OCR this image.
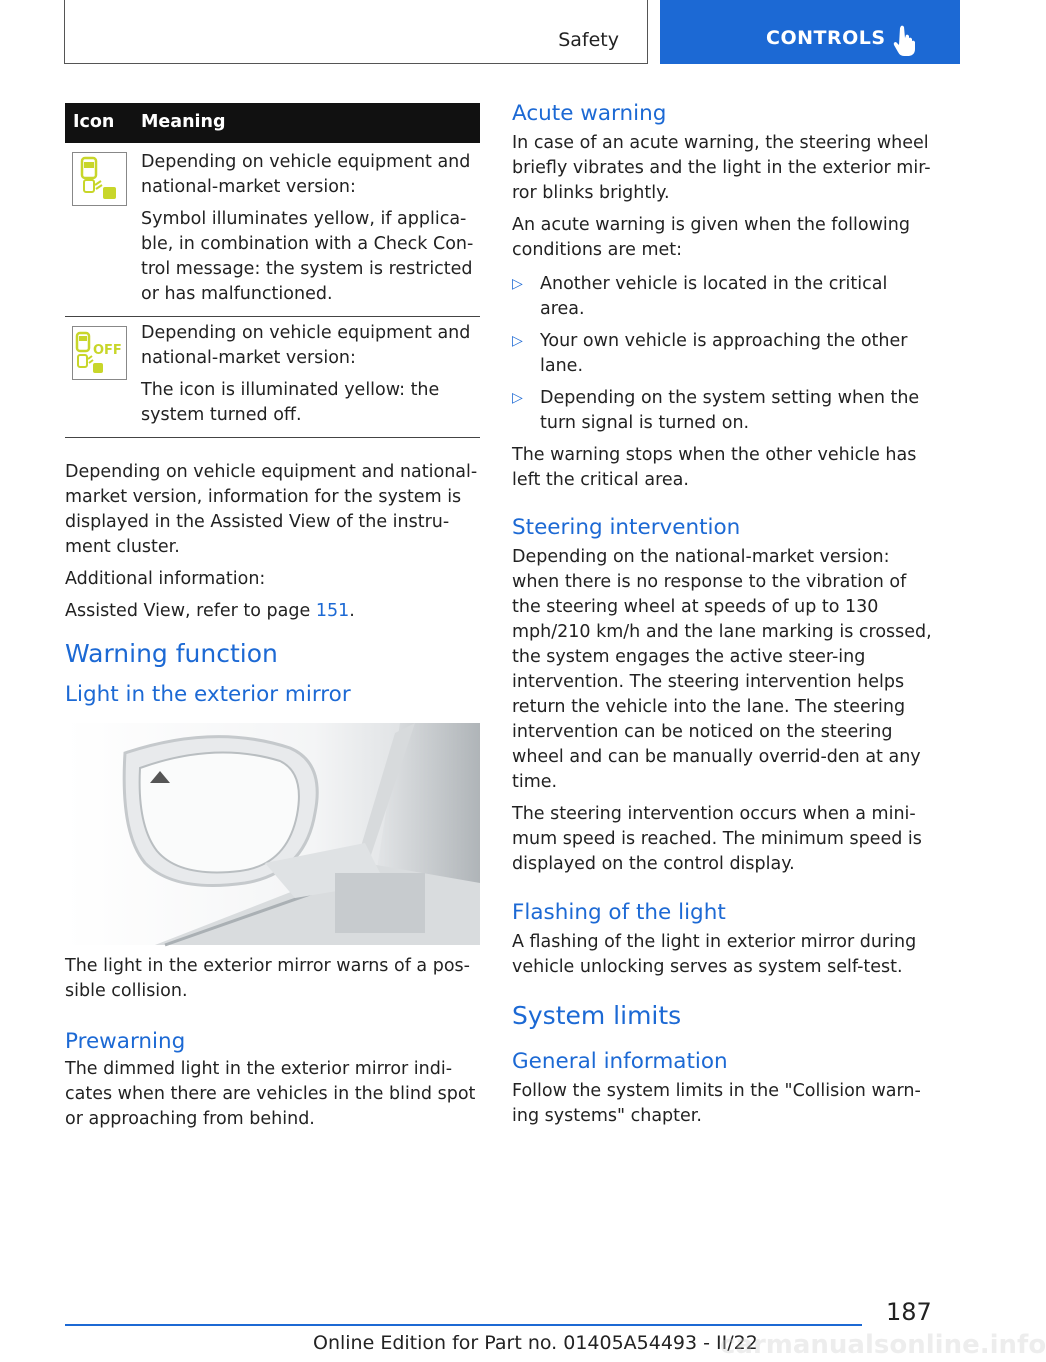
Safety	CONTROLS
Icon Meaning

Depending on vehicle equipment and national-market version:

Symbol illuminates yellow, if applica-ble, in combination with a Check Con-trol message: the system is restricted or has malfunctioned.

OFF

Depending on vehicle equipment and national-market version:

The icon is illuminated yellow: the system turned off.

Depending on vehicle equipment and national-market version, information for the system is displayed in the Assisted View of the instru-ment cluster.

Additional information:

Assisted View, refer to page 151.

Warning function
Light in the exterior mirror

The light in the exterior mirror warns of a pos-sible collision.

Prewarning

The dimmed light in the exterior mirror indi-cates when there are vehicles in the blind spot or approaching from behind.

Acute warning

In case of an acute warning, the steering wheel briefly vibrates and the light in the exterior mir-ror blinks brightly.

An acute warning is given when the following conditions are met:

▷ Another vehicle is located in the critical area.
▷ Your own vehicle is approaching the other lane.
▷ Depending on the system setting when the turn signal is turned on.

The warning stops when the other vehicle has left the critical area.

Steering intervention

Depending on the national-market version: when there is no response to the vibration of the steering wheel at speeds of up to 130 mph/210 km/h and the lane marking is crossed, the system engages the active steer-ing intervention. The steering intervention helps return the vehicle into the lane. The steering intervention can be noticed on the steering wheel and can be manually overrid-den at any time.

The steering intervention occurs when a mini-mum speed is reached. The minimum speed is displayed on the control display.

Flashing of the light

A flashing of the light in exterior mirror during vehicle unlocking serves as system self-test.

System limits
General information

Follow the system limits in the "Collision warn-ing systems" chapter.

187
Online Edition for Part no. 01405A54493 - II/22
carmanualsonline.info
